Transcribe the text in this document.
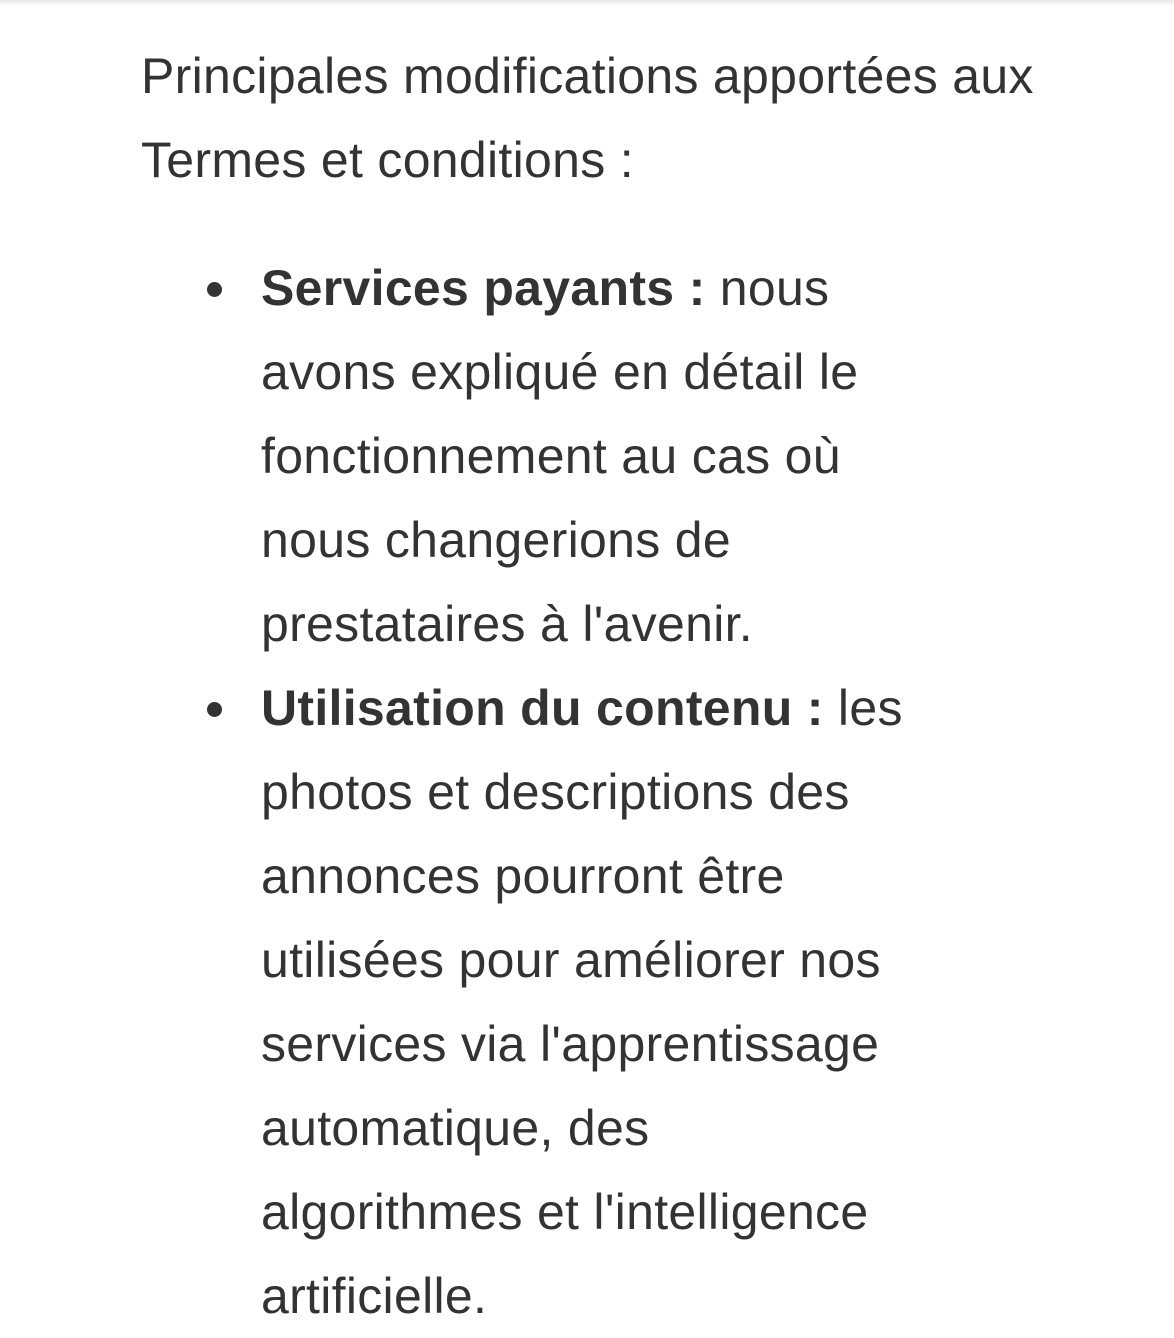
Principales modifications apportées aux Termes et conditions :

Services payants : nous avons expliqué en détail le fonctionnement au cas où nous changerions de prestataires à l'avenir.
Utilisation du contenu : les photos et descriptions des annonces pourront être utilisées pour améliorer nos services via l'apprentissage automatique, des algorithmes et l'intelligence artificielle.
